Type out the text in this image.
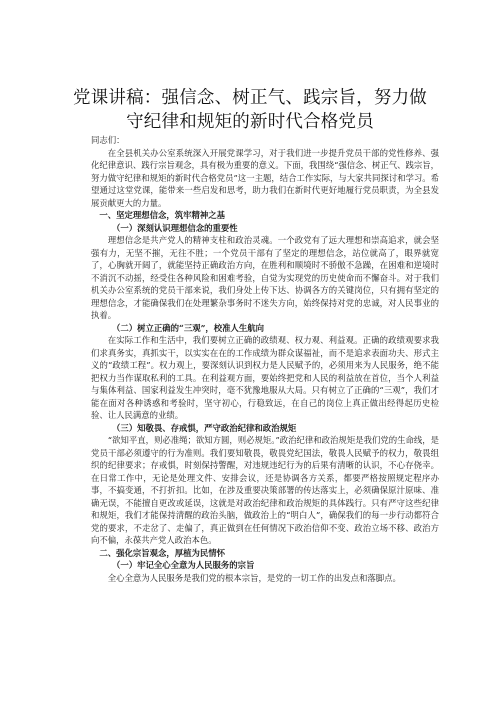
党课讲稿：强信念、树正气、践宗旨，努力做
守纪律和规矩的新时代合格党员

同志们：

在全县机关办公室系统深入开展党课学习，对于我们进一步提升党员干部的党性修养、强化纪律意识、践行宗旨观念，具有极为重要的意义。下面，我围绕“强信念、树正气、践宗旨，努力做守纪律和规矩的新时代合格党员”这一主题，结合工作实际，与大家共同探讨和学习。希望通过这堂党课，能带来一些启发和思考，助力我们在新时代更好地履行党员职责，为全县发展贡献更大的力量。

一、坚定理想信念，筑牢精神之基

（一）深刻认识理想信念的重要性

理想信念是共产党人的精神支柱和政治灵魂。一个政党有了远大理想和崇高追求，就会坚强有力，无坚不摧，无往不胜；一个党员干部有了坚定的理想信念，站位就高了，眼界就宽了，心胸就开阔了，就能坚持正确政治方向，在胜利和顺境时不骄傲不急躁，在困难和逆境时不消沉不动摇，经受住各种风险和困难考验，自觉为实现党的历史使命而不懈奋斗。对于我们机关办公室系统的党员干部来说，我们身处上传下达、协调各方的关键岗位，只有拥有坚定的理想信念，才能确保我们在处理繁杂事务时不迷失方向，始终保持对党的忠诚，对人民事业的执着。

（二）树立正确的“三观”，校准人生航向

在实际工作和生活中，我们要树立正确的政绩观、权力观、利益观。正确的政绩观要求我们求真务实，真抓实干，以实实在在的工作成绩为群众谋福祉，而不是追求表面功夫、形式主义的“政绩工程”。权力观上，要深刻认识到权力是人民赋予的，必须用来为人民服务，绝不能把权力当作谋取私利的工具。在利益观方面，要始终把党和人民的利益放在首位，当个人利益与集体利益、国家利益发生冲突时，毫不犹豫地服从大局。只有树立了正确的“三观”，我们才能在面对各种诱惑和考验时，坚守初心，行稳致远，在自己的岗位上真正做出经得起历史检验、让人民满意的业绩。

（三）知敬畏、存戒惧，严守政治纪律和政治规矩

“欲知平直，则必准绳；欲知方圆，则必规矩。”政治纪律和政治规矩是我们党的生命线，是党员干部必须遵守的行为准则。我们要知敬畏，敬畏党纪国法，敬畏人民赋予的权力，敬畏组织的纪律要求；存戒惧，时刻保持警醒，对违规违纪行为的后果有清晰的认识，不心存侥幸。在日常工作中，无论是处理文件、安排会议，还是协调各方关系，都要严格按照规定程序办事，不搞变通，不打折扣。比如，在涉及重要决策部署的传达落实上，必须确保原汁原味、准确无误，不能擅自更改或延误，这就是对政治纪律和政治规矩的具体践行。只有严守这些纪律和规矩，我们才能保持清醒的政治头脑，做政治上的“明白人”，确保我们的每一步行动都符合党的要求，不走岔了、走偏了，真正做到在任何情况下政治信仰不变、政治立场不移、政治方向不偏，永葆共产党人政治本色。

二、强化宗旨观念，厚植为民情怀

（一）牢记全心全意为人民服务的宗旨

全心全意为人民服务是我们党的根本宗旨，是党的一切工作的出发点和落脚点。
